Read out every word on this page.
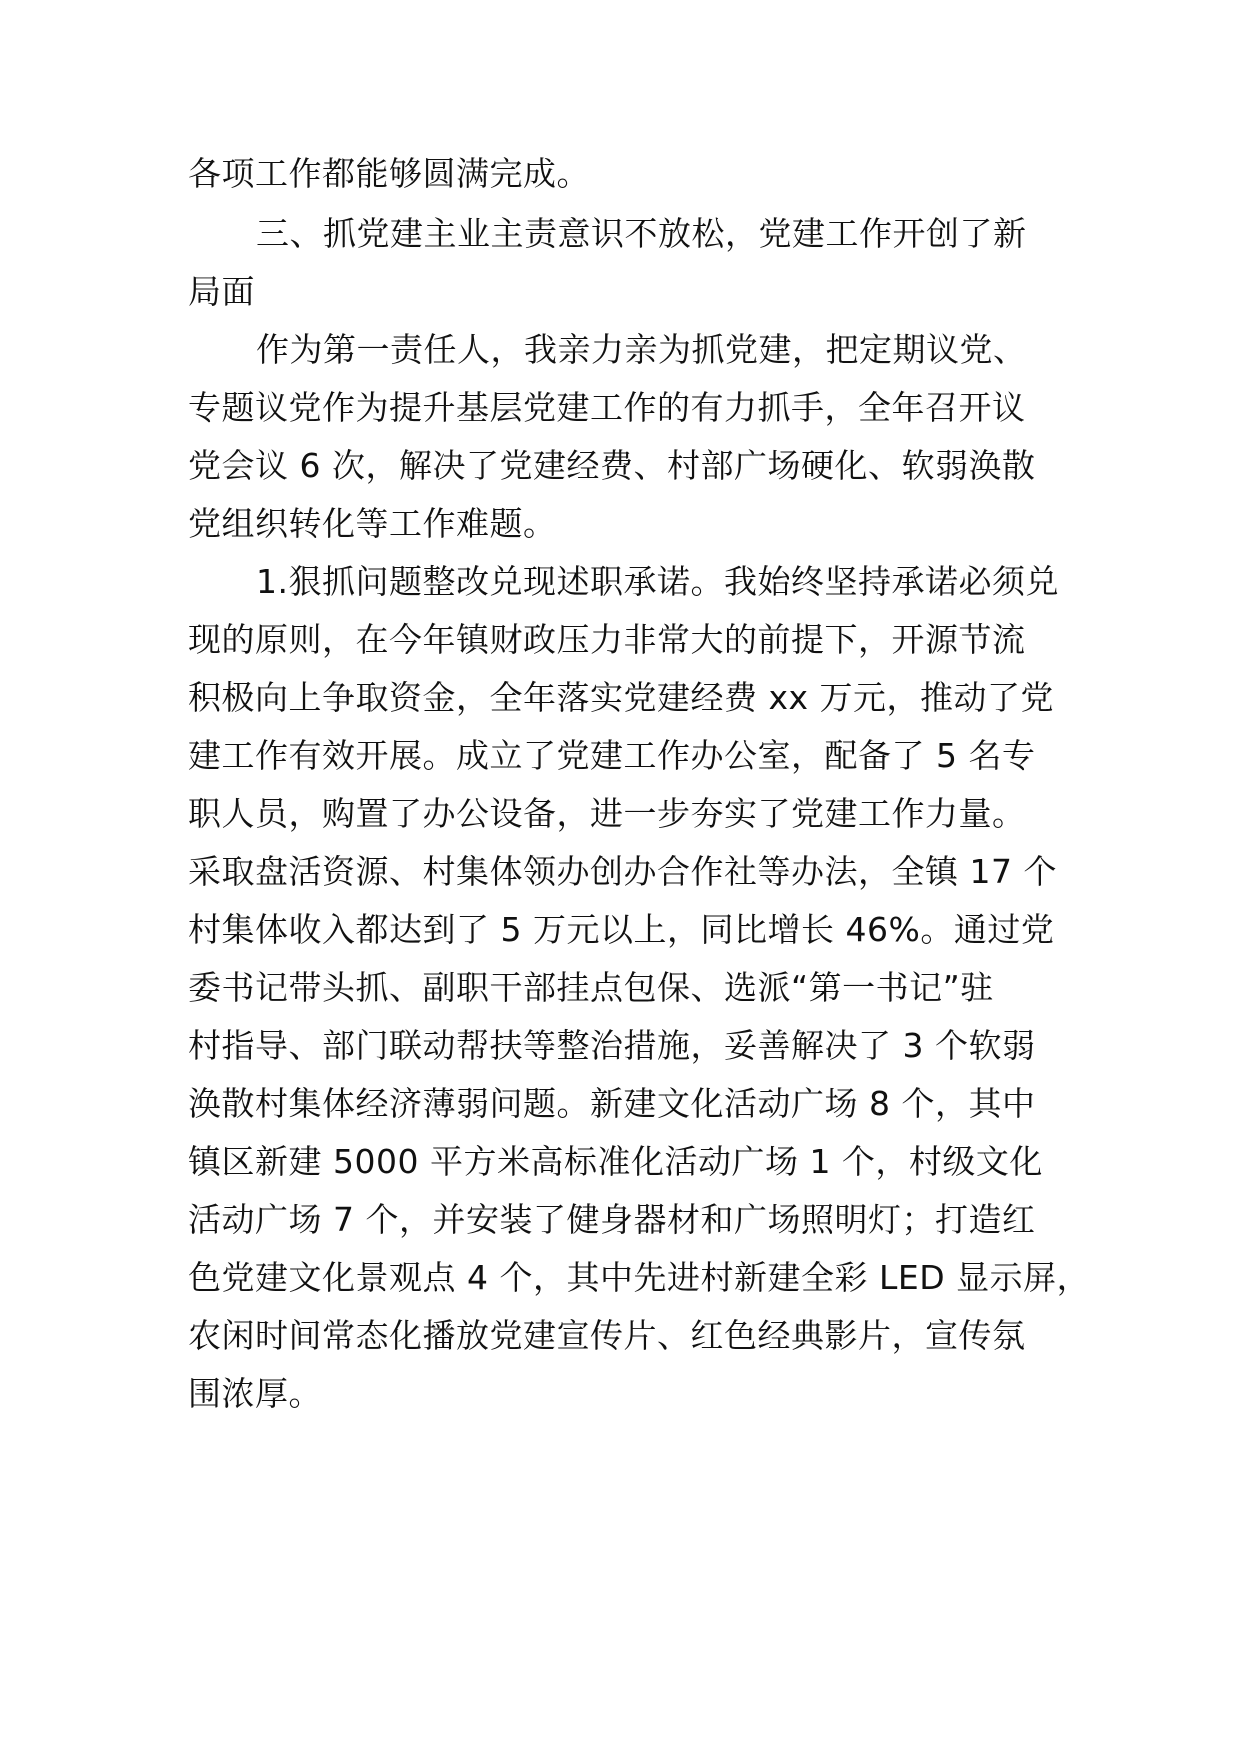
各项工作都能够圆满完成。
三、抓党建主业主责意识不放松，党建工作开创了新
局面
作为第一责任人，我亲力亲为抓党建，把定期议党、
专题议党作为提升基层党建工作的有力抓手，全年召开议
党会议 6 次，解决了党建经费、村部广场硬化、软弱涣散
党组织转化等工作难题。
1.狠抓问题整改兑现述职承诺。我始终坚持承诺必须兑
现的原则，在今年镇财政压力非常大的前提下，开源节流
积极向上争取资金，全年落实党建经费 xx 万元，推动了党
建工作有效开展。成立了党建工作办公室，配备了 5 名专
职人员，购置了办公设备，进一步夯实了党建工作力量。
采取盘活资源、村集体领办创办合作社等办法，全镇 17 个
村集体收入都达到了 5 万元以上，同比增长 46%。通过党
委书记带头抓、副职干部挂点包保、选派“第一书记”驻
村指导、部门联动帮扶等整治措施，妥善解决了 3 个软弱
涣散村集体经济薄弱问题。新建文化活动广场 8 个，其中
镇区新建 5000 平方米高标准化活动广场 1 个，村级文化
活动广场 7 个，并安装了健身器材和广场照明灯；打造红
色党建文化景观点 4 个，其中先进村新建全彩 LED 显示屏，
农闲时间常态化播放党建宣传片、红色经典影片，宣传氛
围浓厚。
